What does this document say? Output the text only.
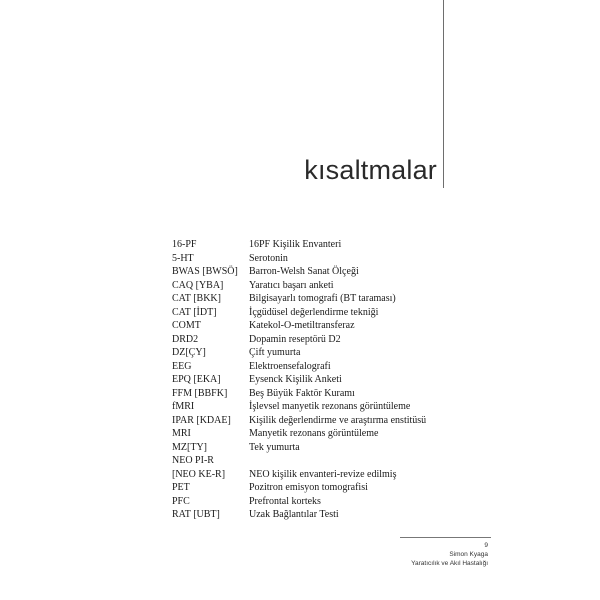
kısaltmalar
16-PF	16PF Kişilik Envanteri
5-HT	Serotonin
BWAS [BWSÖ]	Barron-Welsh Sanat Ölçeği
CAQ [YBA]	Yaratıcı başarı anketi
CAT [BKK]	Bilgisayarlı tomografi (BT taraması)
CAT [İDT]	İçgüdüsel değerlendirme tekniği
COMT	Katekol-O-metiltransferaz
DRD2	Dopamin reseptörü D2
DZ[ÇY]	Çift yumurta
EEG	Elektroensefalografi
EPQ [EKA]	Eysenck Kişilik Anketi
FFM [BBFK]	Beş Büyük Faktör Kuramı
fMRI	İşlevsel manyetik rezonans görüntüleme
IPAR [KDAE]	Kişilik değerlendirme ve araştırma enstitüsü
MRI	Manyetik rezonans görüntüleme
MZ[TY]	Tek yumurta
NEO PI-R
[NEO KE-R]	NEO kişilik envanteri-revize edilmiş
PET	Pozitron emisyon tomografisi
PFC	Prefrontal korteks
RAT [UBT]	Uzak Bağlantılar Testi
9
Simon Kyaga
Yaratıcılık ve Akıl Hastalığı
